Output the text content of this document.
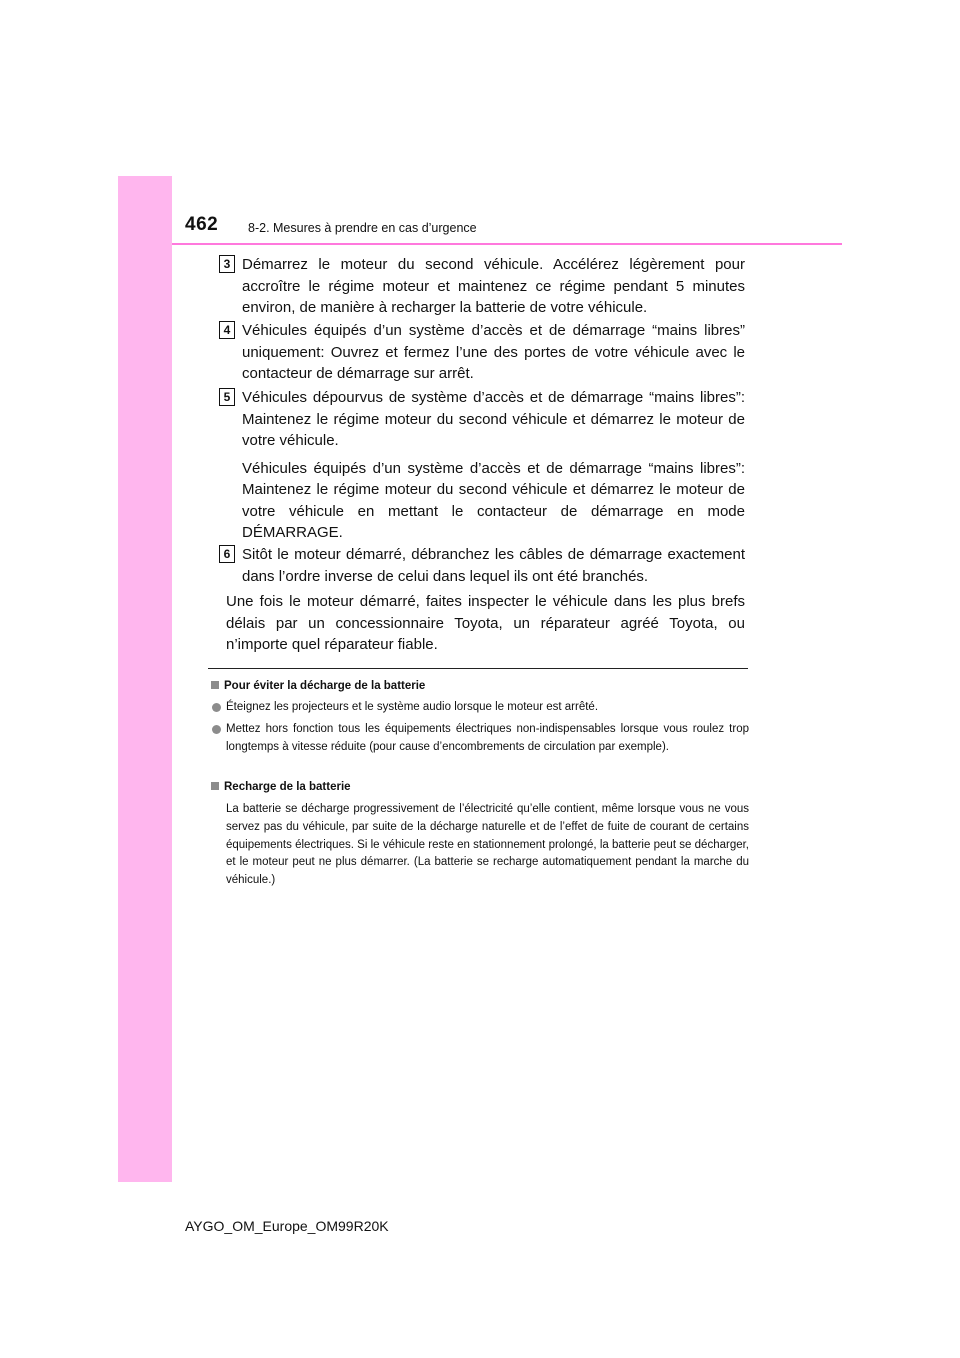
462 8-2. Mesures à prendre en cas d’urgence
3 Démarrez le moteur du second véhicule. Accélérez légèrement pour accroître le régime moteur et maintenez ce régime pendant 5 minutes environ, de manière à recharger la batterie de votre véhicule.
4 Véhicules équipés d’un système d’accès et de démarrage “mains libres” uniquement: Ouvrez et fermez l’une des portes de votre véhicule avec le contacteur de démarrage sur arrêt.
5 Véhicules dépourvus de système d’accès et de démarrage “mains libres”: Maintenez le régime moteur du second véhicule et démarrez le moteur de votre véhicule.
Véhicules équipés d’un système d’accès et de démarrage “mains libres”: Maintenez le régime moteur du second véhicule et démarrez le moteur de votre véhicule en mettant le contacteur de démarrage en mode DÉMARRAGE.
6 Sitôt le moteur démarré, débranchez les câbles de démarrage exactement dans l’ordre inverse de celui dans lequel ils ont été branchés.
Une fois le moteur démarré, faites inspecter le véhicule dans les plus brefs délais par un concessionnaire Toyota, un réparateur agréé Toyota, ou n’importe quel réparateur fiable.
Pour éviter la décharge de la batterie
Éteignez les projecteurs et le système audio lorsque le moteur est arrêté.
Mettez hors fonction tous les équipements électriques non-indispensables lorsque vous roulez trop longtemps à vitesse réduite (pour cause d’encombrements de circulation par exemple).
Recharge de la batterie
La batterie se décharge progressivement de l’électricité qu’elle contient, même lorsque vous ne vous servez pas du véhicule, par suite de la décharge naturelle et de l’effet de fuite de courant de certains équipements électriques. Si le véhicule reste en stationnement prolongé, la batterie peut se décharger, et le moteur peut ne plus démarrer. (La batterie se recharge automatiquement pendant la marche du véhicule.)
AYGO_OM_Europe_OM99R20K
